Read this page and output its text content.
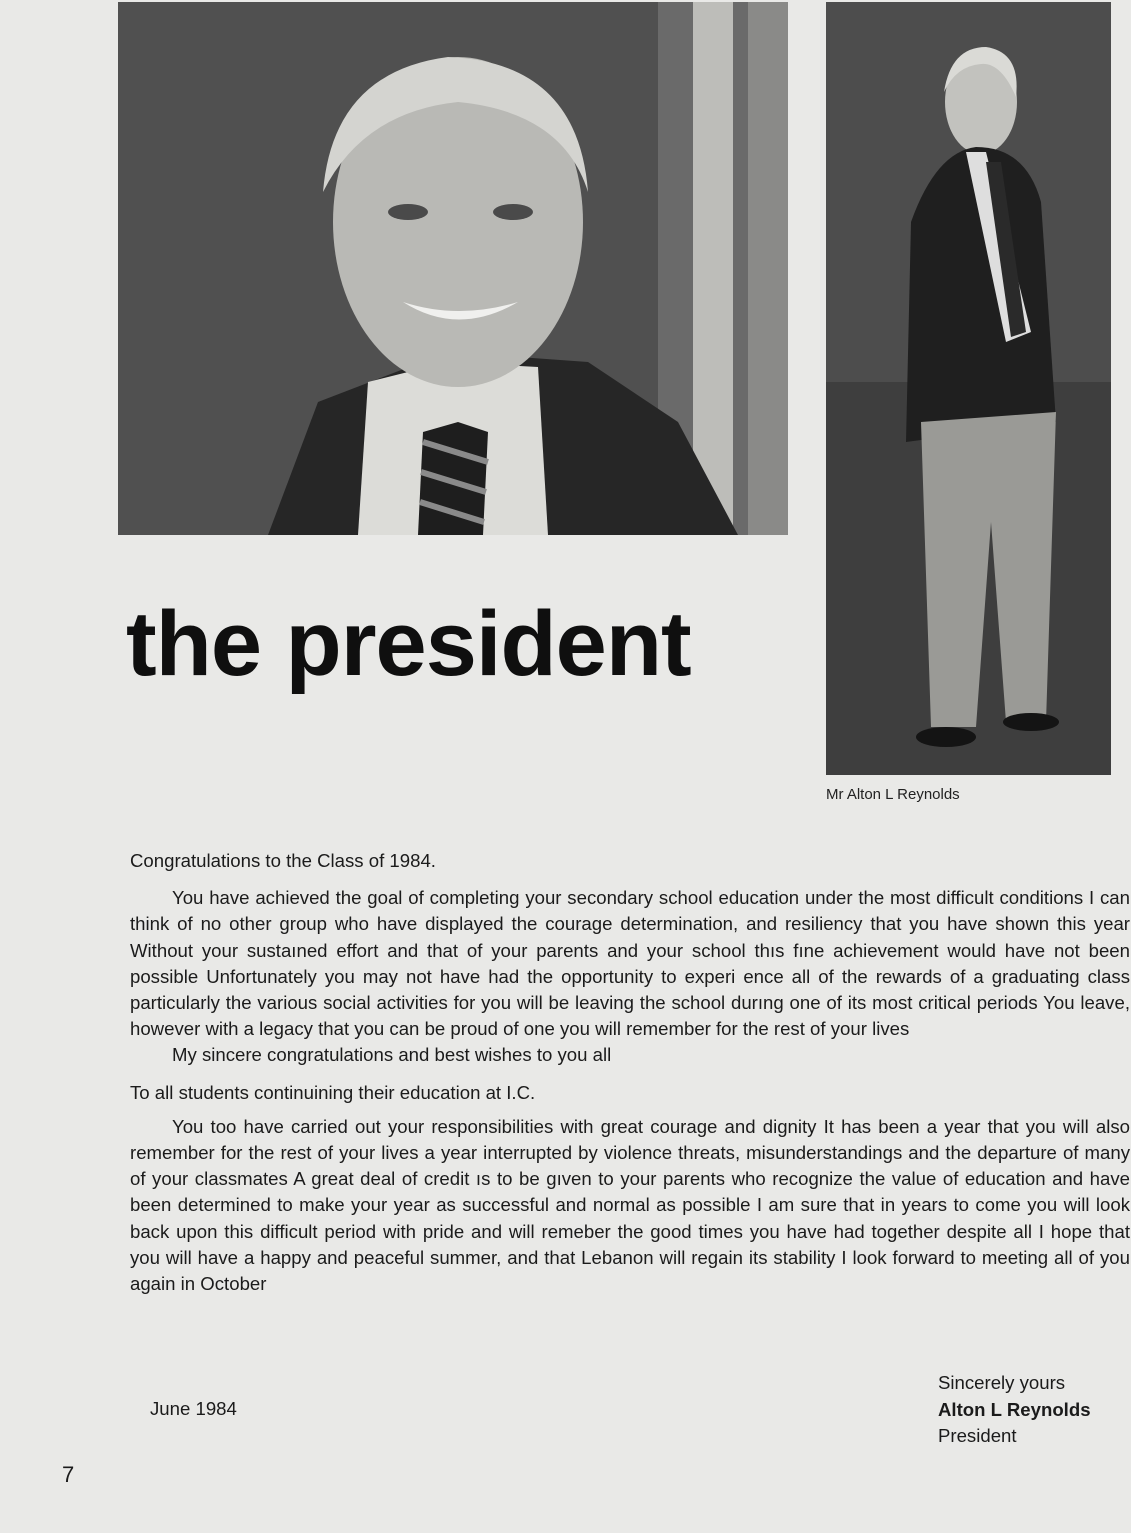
the president
Mr Alton L Reynolds

Congratulations to the Class of 1984.

You have achieved the goal of completing your secondary school education under the most difficult conditions I can think of no other group who have displayed the courage determination, and resiliency that you have shown this year Without your sustaıned effort and that of your parents and your school thıs fıne achievement would have not been possible Unfortunately you may not have had the opportunity to experi ence all of the rewards of a graduating class particularly the various social activities for you will be leaving the school durıng one of its most critical periods You leave, however with a legacy that you can be proud of one you will remember for the rest of your lives

My sincere congratulations and best wishes to you all

To all students continuining their education at I.C.

You too have carried out your responsibilities with great courage and dignity It has been a year that you will also remember for the rest of your lives a year interrupted by violence threats, misunderstandings and the departure of many of your classmates A great deal of credit ıs to be gıven to your parents who recognize the value of education and have been determined to make your year as successful and normal as possible I am sure that in years to come you will look back upon this difficult period with pride and will remeber the good times you have had together despite all I hope that you will have a happy and peaceful summer, and that Lebanon will regain its stability I look forward to meeting all of you again in October

June 1984
Sincerely yours
Alton L Reynolds
President
7
